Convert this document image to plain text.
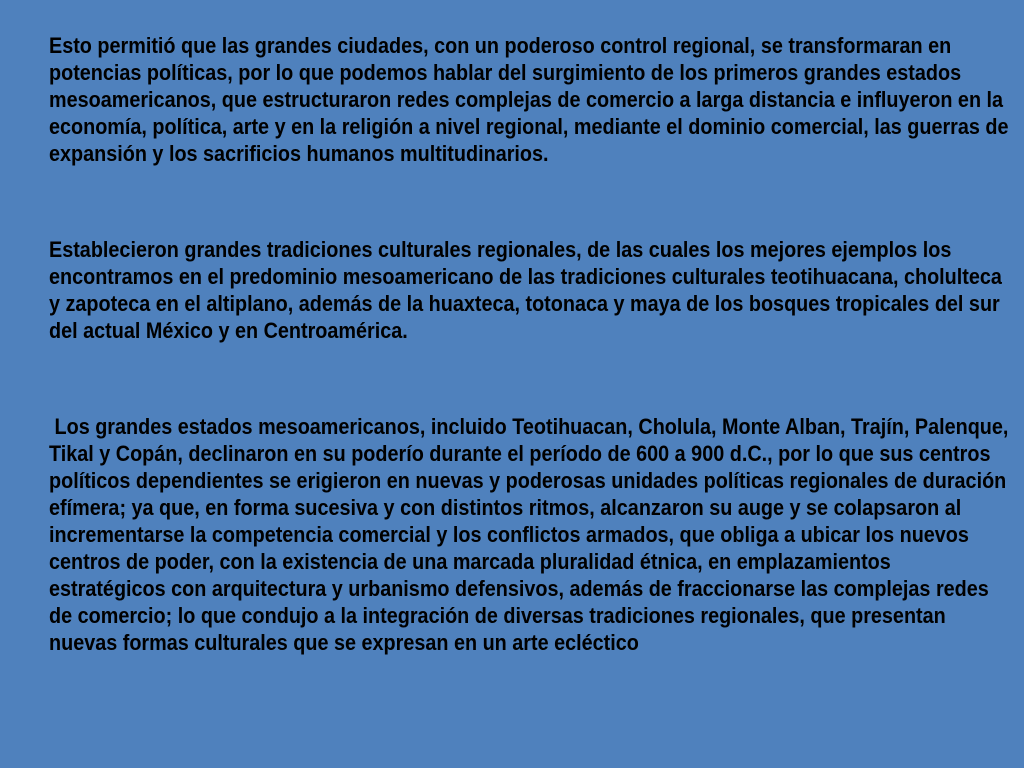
Esto permitió que las grandes ciudades, con un poderoso control regional, se transformaran en potencias políticas, por lo que podemos hablar del surgimiento de los primeros grandes estados mesoamericanos, que estructuraron redes complejas de comercio a larga distancia e influyeron en la economía, política, arte y en la religión a nivel regional, mediante el dominio comercial, las guerras de expansión y los sacrificios humanos multitudinarios.

Establecieron grandes tradiciones culturales regionales, de las cuales los mejores ejemplos los encontramos en el predominio mesoamericano de las tradiciones culturales teotihuacana, cholulteca y zapoteca en el altiplano, además de la huaxteca, totonaca y maya de los bosques tropicales del sur del actual México y en Centroamérica.

Los grandes estados mesoamericanos, incluido Teotihuacan, Cholula, Monte Alban, Trajín, Palenque, Tikal y Copán, declinaron en su poderío durante el período de 600 a 900 d.C., por lo que sus centros políticos dependientes se erigieron en nuevas y poderosas unidades políticas regionales de duración efímera; ya que, en forma sucesiva y con distintos ritmos, alcanzaron su auge y se colapsaron al incrementarse la competencia comercial y los conflictos armados, que obliga a ubicar los nuevos centros de poder, con la existencia de una marcada pluralidad étnica, en emplazamientos estratégicos con arquitectura y urbanismo defensivos, además de fraccionarse las complejas redes de comercio; lo que condujo a la integración de diversas tradiciones regionales, que presentan nuevas formas culturales que se expresan en un arte ecléctico
